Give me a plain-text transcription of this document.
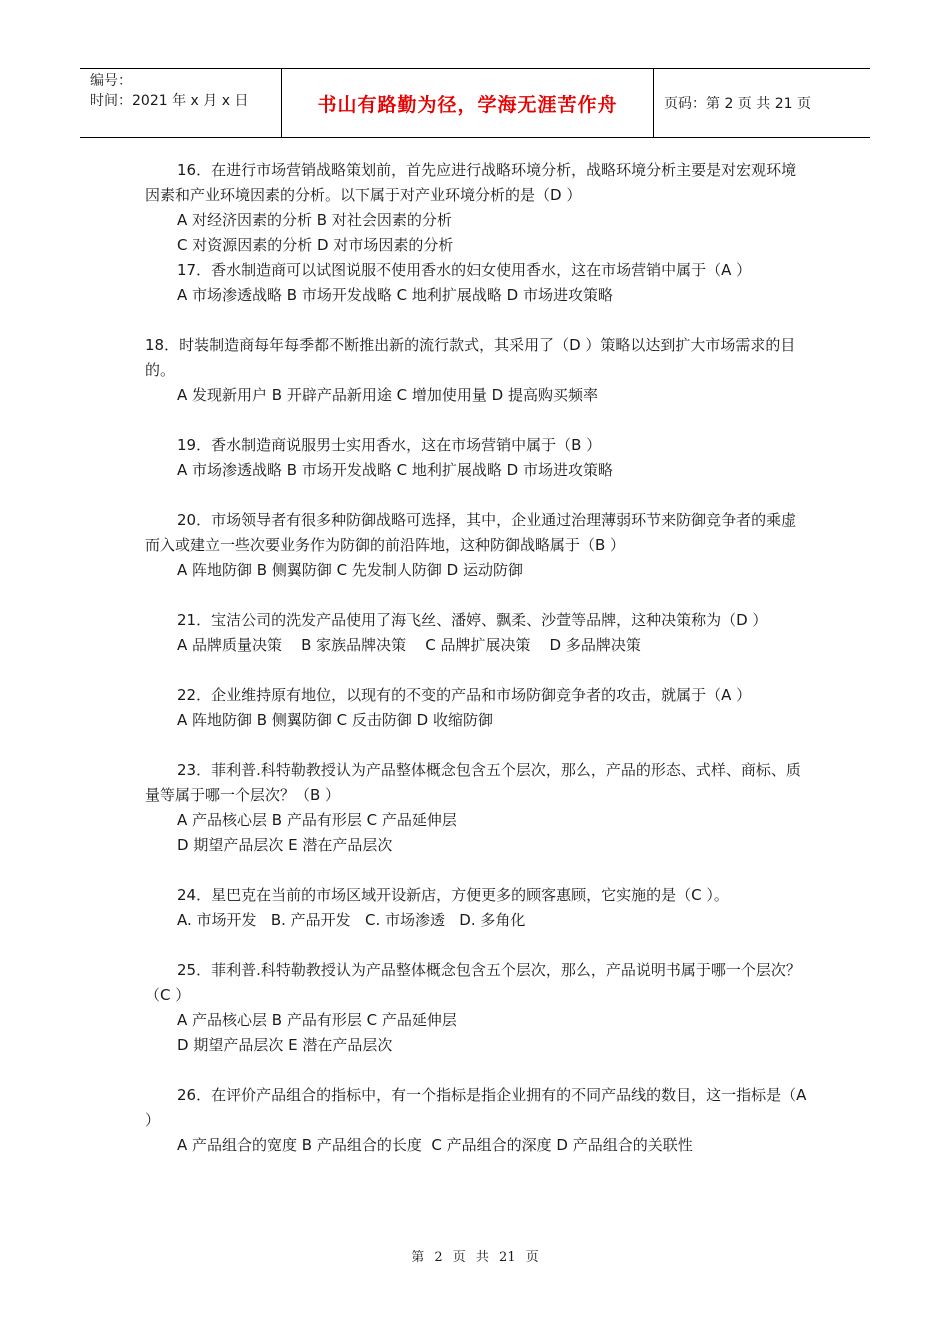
编号：
时间：2021 年 x 月 x 日	书山有路勤为径，学海无涯苦作舟	页码：第 2 页 共 21 页
16．在进行市场营销战略策划前，首先应进行战略环境分析，战略环境分析主要是对宏观环境因素和产业环境因素的分析。以下属于对产业环境分析的是（D ）
A 对经济因素的分析 B 对社会因素的分析
C 对资源因素的分析 D 对市场因素的分析
17．香水制造商可以试图说服不使用香水的妇女使用香水，这在市场营销中属于（A ）
A 市场渗透战略 B 市场开发战略 C 地利扩展战略 D 市场进攻策略
18．时装制造商每年每季都不断推出新的流行款式，其采用了（D ）策略以达到扩大市场需求的目的。
A 发现新用户 B 开辟产品新用途 C 增加使用量 D 提高购买频率
19．香水制造商说服男士实用香水，这在市场营销中属于（B ）
A 市场渗透战略 B 市场开发战略 C 地利扩展战略 D 市场进攻策略
20．市场领导者有很多种防御战略可选择，其中，企业通过治理薄弱环节来防御竞争者的乘虚而入或建立一些次要业务作为防御的前沿阵地，这种防御战略属于（B ）
A 阵地防御 B 侧翼防御 C 先发制人防御 D 运动防御
21．宝洁公司的洗发产品使用了海飞丝、潘婷、飘柔、沙萱等品牌，这种决策称为（D ）
A 品牌质量决策    B 家族品牌决策    C 品牌扩展决策    D 多品牌决策
22．企业维持原有地位，以现有的不变的产品和市场防御竞争者的攻击，就属于（A ）
A 阵地防御 B 侧翼防御 C 反击防御 D 收缩防御
23．菲利普.科特勒教授认为产品整体概念包含五个层次，那么，产品的形态、式样、商标、质量等属于哪一个层次？（B ）
A 产品核心层 B 产品有形层 C 产品延伸层
D 期望产品层次 E 潜在产品层次
24．星巴克在当前的市场区域开设新店，方便更多的顾客惠顾，它实施的是（C ）。
A. 市场开发   B. 产品开发   C. 市场渗透   D. 多角化
25．菲利普.科特勒教授认为产品整体概念包含五个层次，那么，产品说明书属于哪一个层次？（C ）
A 产品核心层 B 产品有形层 C 产品延伸层
D 期望产品层次 E 潜在产品层次
26．在评价产品组合的指标中，有一个指标是指企业拥有的不同产品线的数目，这一指标是（A ）
A 产品组合的宽度 B 产品组合的长度  C 产品组合的深度 D 产品组合的关联性
第 2 页 共 21 页
